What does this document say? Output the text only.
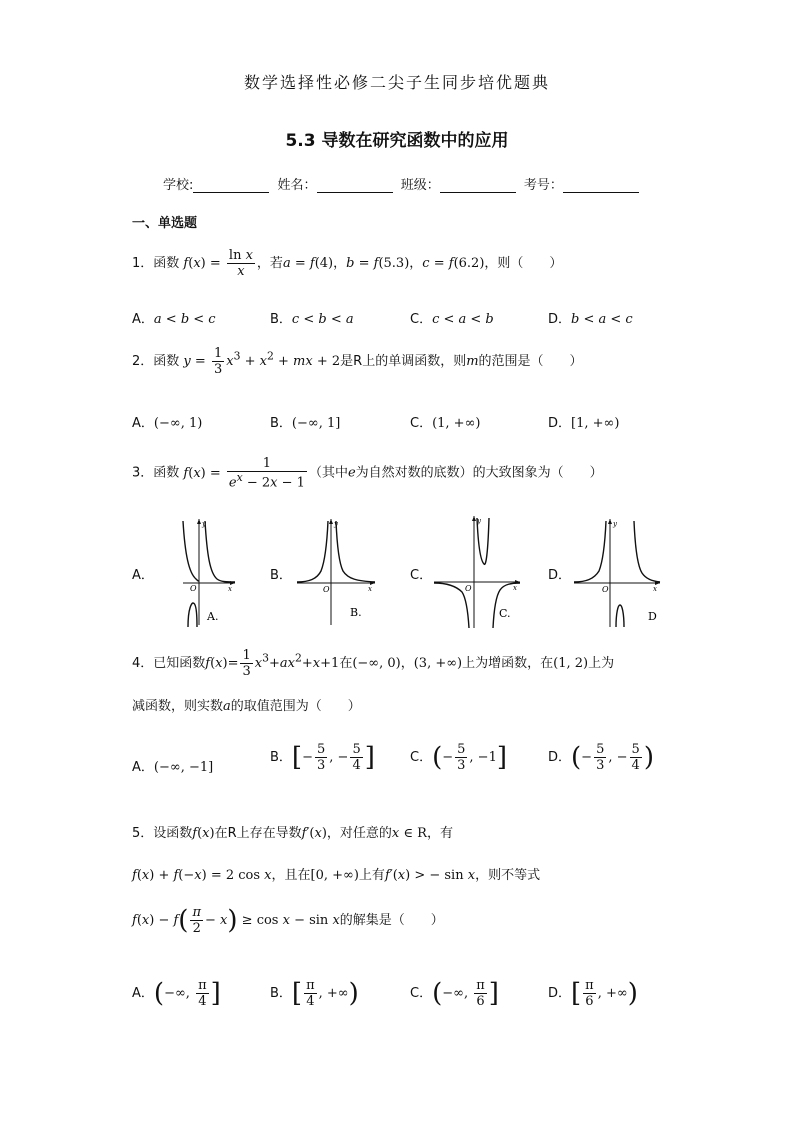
数学选择性必修二尖子生同步培优题典
5.3 导数在研究函数中的应用
学校:	姓名：	班级：	考号：
一、单选题
1．函数 $f(x) = \frac{\text{ln x}}{x}$ ，若a = f(4)，b = f(5.3)，c = f(6.2)，则（　　）
A．a < b < c	B．c < b < a	C．c < a < b	D．b < a < c
2．函数 $y = \frac{1}{3} x^3 + x^2$ + mx + 2是R上的单调函数，则m的范围是（　　）
A．(−∞, 1)	B．(−∞, 1]	C．(1, +∞)	D．[1, +∞)
3．函数 $f(x) = \frac{1}{e^x - 2x - 1}$ （其中e为自然对数的底数）的大致图象为（　　）
A．	B．	C．	D．
y
x
O
A.
y
x
O
B.
y
x
O
C.
y
x
O
D
4．已知函数$f(x)= \frac{1}{3} x^3+ax^2+x+1$在(−∞, 0)，(3, +∞)上为增函数，在(1, 2)上为
减函数，则实数a的取值范围为（　　）
A．(−∞, −1]
B．[− $\frac{5}{3}$ , − $\frac{5}{4}$ ]	C．(− $\frac{5}{3}$ , −1]	D．(− $\frac{5}{3}$ , − $\frac{5}{4}$ )
5．设函数f(x)在R上存在导数f′(x)，对任意的x ∈ R，有
f(x) + f(−x) = 2 cos x，且在[0, +∞)上有f′(x) > − sin x，则不等式
$f(x) - f( \frac{\pi}{2} - x) \ge \cos x - \sin x$的解集是（　　）
A．(−∞, $\frac{\pi}{4}$ ]	B．[ $\frac{\pi}{4}$ , +∞)	C．(−∞, $\frac{\pi}{6}$ ]	D．[ $\frac{\pi}{6}$ , +∞)
